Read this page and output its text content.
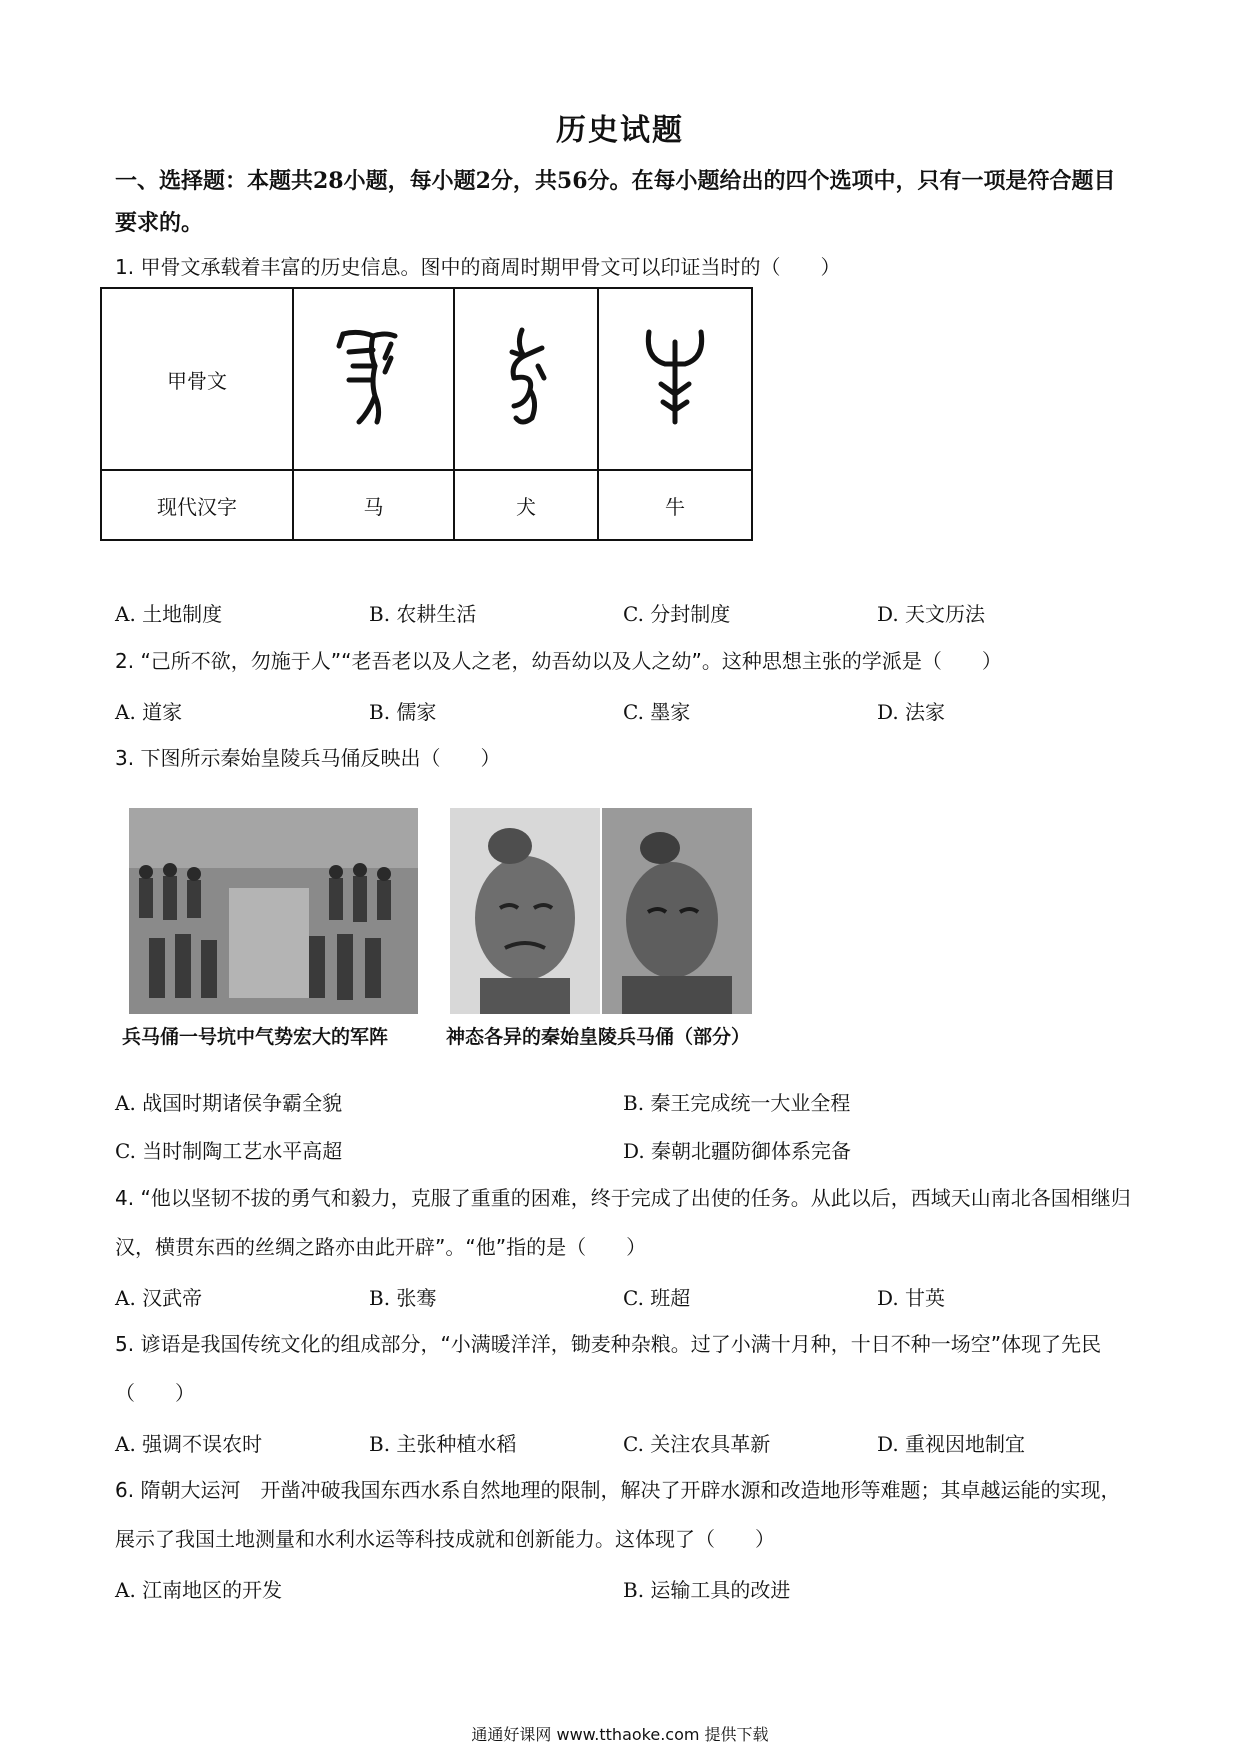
历史试题
一、选择题：本题共28小题，每小题2分，共56分。在每小题给出的四个选项中，只有一项是符合题目要求的。
1. 甲骨文承载着丰富的历史信息。图中的商周时期甲骨文可以印证当时的（　　）
甲骨文			
现代汉字	马	犬	牛
A. 土地制度	B. 农耕生活	C. 分封制度	D. 天文历法
2. “己所不欲，勿施于人”“老吾老以及人之老，幼吾幼以及人之幼”。这种思想主张的学派是（　　）
A. 道家	B. 儒家	C. 墨家	D. 法家
3. 下图所示秦始皇陵兵马俑反映出（　　）
兵马俑一号坑中气势宏大的军阵	神态各异的秦始皇陵兵马俑（部分）
A. 战国时期诸侯争霸全貌	B. 秦王完成统一大业全程
C. 当时制陶工艺水平高超	D. 秦朝北疆防御体系完备
4. “他以坚韧不拔的勇气和毅力，克服了重重的困难，终于完成了出使的任务。从此以后，西域天山南北各国相继归汉，横贯东西的丝绸之路亦由此开辟”。“他”指的是（　　）
A. 汉武帝	B. 张骞	C. 班超	D. 甘英
5. 谚语是我国传统文化的组成部分，“小满暖洋洋，锄麦种杂粮。过了小满十月种，十日不种一场空”体现了先民（　　）
A. 强调不误农时	B. 主张种植水稻	C. 关注农具革新	D. 重视因地制宜
6. 隋朝大运河　开凿冲破我国东西水系自然地理的限制，解决了开辟水源和改造地形等难题；其卓越运能的实现，展示了我国土地测量和水利水运等科技成就和创新能力。这体现了（　　）
A. 江南地区的开发	B. 运输工具的改进
通通好课网 www.tthaoke.com 提供下载
